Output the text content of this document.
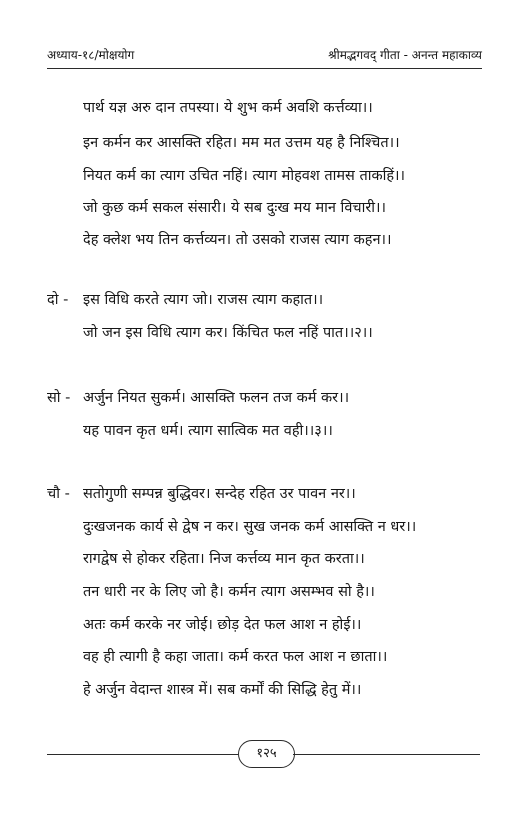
अध्याय-१८/मोक्षयोग	श्रीमद्भगवद् गीता - अनन्त महाकाव्य
पार्थ यज्ञ अरु दान तपस्या। ये शुभ कर्म अवशि कर्त्तव्या।।
इन कर्मन कर आसक्ति रहित। मम मत उत्तम यह है निश्चित।।
नियत कर्म का त्याग उचित नहिं। त्याग मोहवश तामस ताकहिं।।
जो कुछ कर्म सकल संसारी। ये सब दुःख मय मान विचारी।।
देह क्लेश भय तिन कर्त्तव्यन। तो उसको राजस त्याग कहन।।
दो - इस विधि करते त्याग जो। राजस त्याग कहात।।
जो जन इस विधि त्याग कर। किंचित फल नहिं पात।।२।।
सो - अर्जुन नियत सुकर्म। आसक्ति फलन तज कर्म कर।।
यह पावन कृत धर्म। त्याग सात्विक मत वही।।३।।
चौ - सतोगुणी सम्पन्न बुद्धिवर। सन्देह रहित उर पावन नर।।
दुःखजनक कार्य से द्वेष न कर। सुख जनक कर्म आसक्ति न धर।।
रागद्वेष से होकर रहिता। निज कर्त्तव्य मान कृत करता।।
तन धारी नर के लिए जो है। कर्मन त्याग असम्भव सो है।।
अतः कर्म करके नर जोई। छोड़ देत फल आश न होई।।
वह ही त्यागी है कहा जाता। कर्म करत फल आश न छाता।।
हे अर्जुन वेदान्त शास्त्र में। सब कर्मों की सिद्धि हेतु में।।
१२५
